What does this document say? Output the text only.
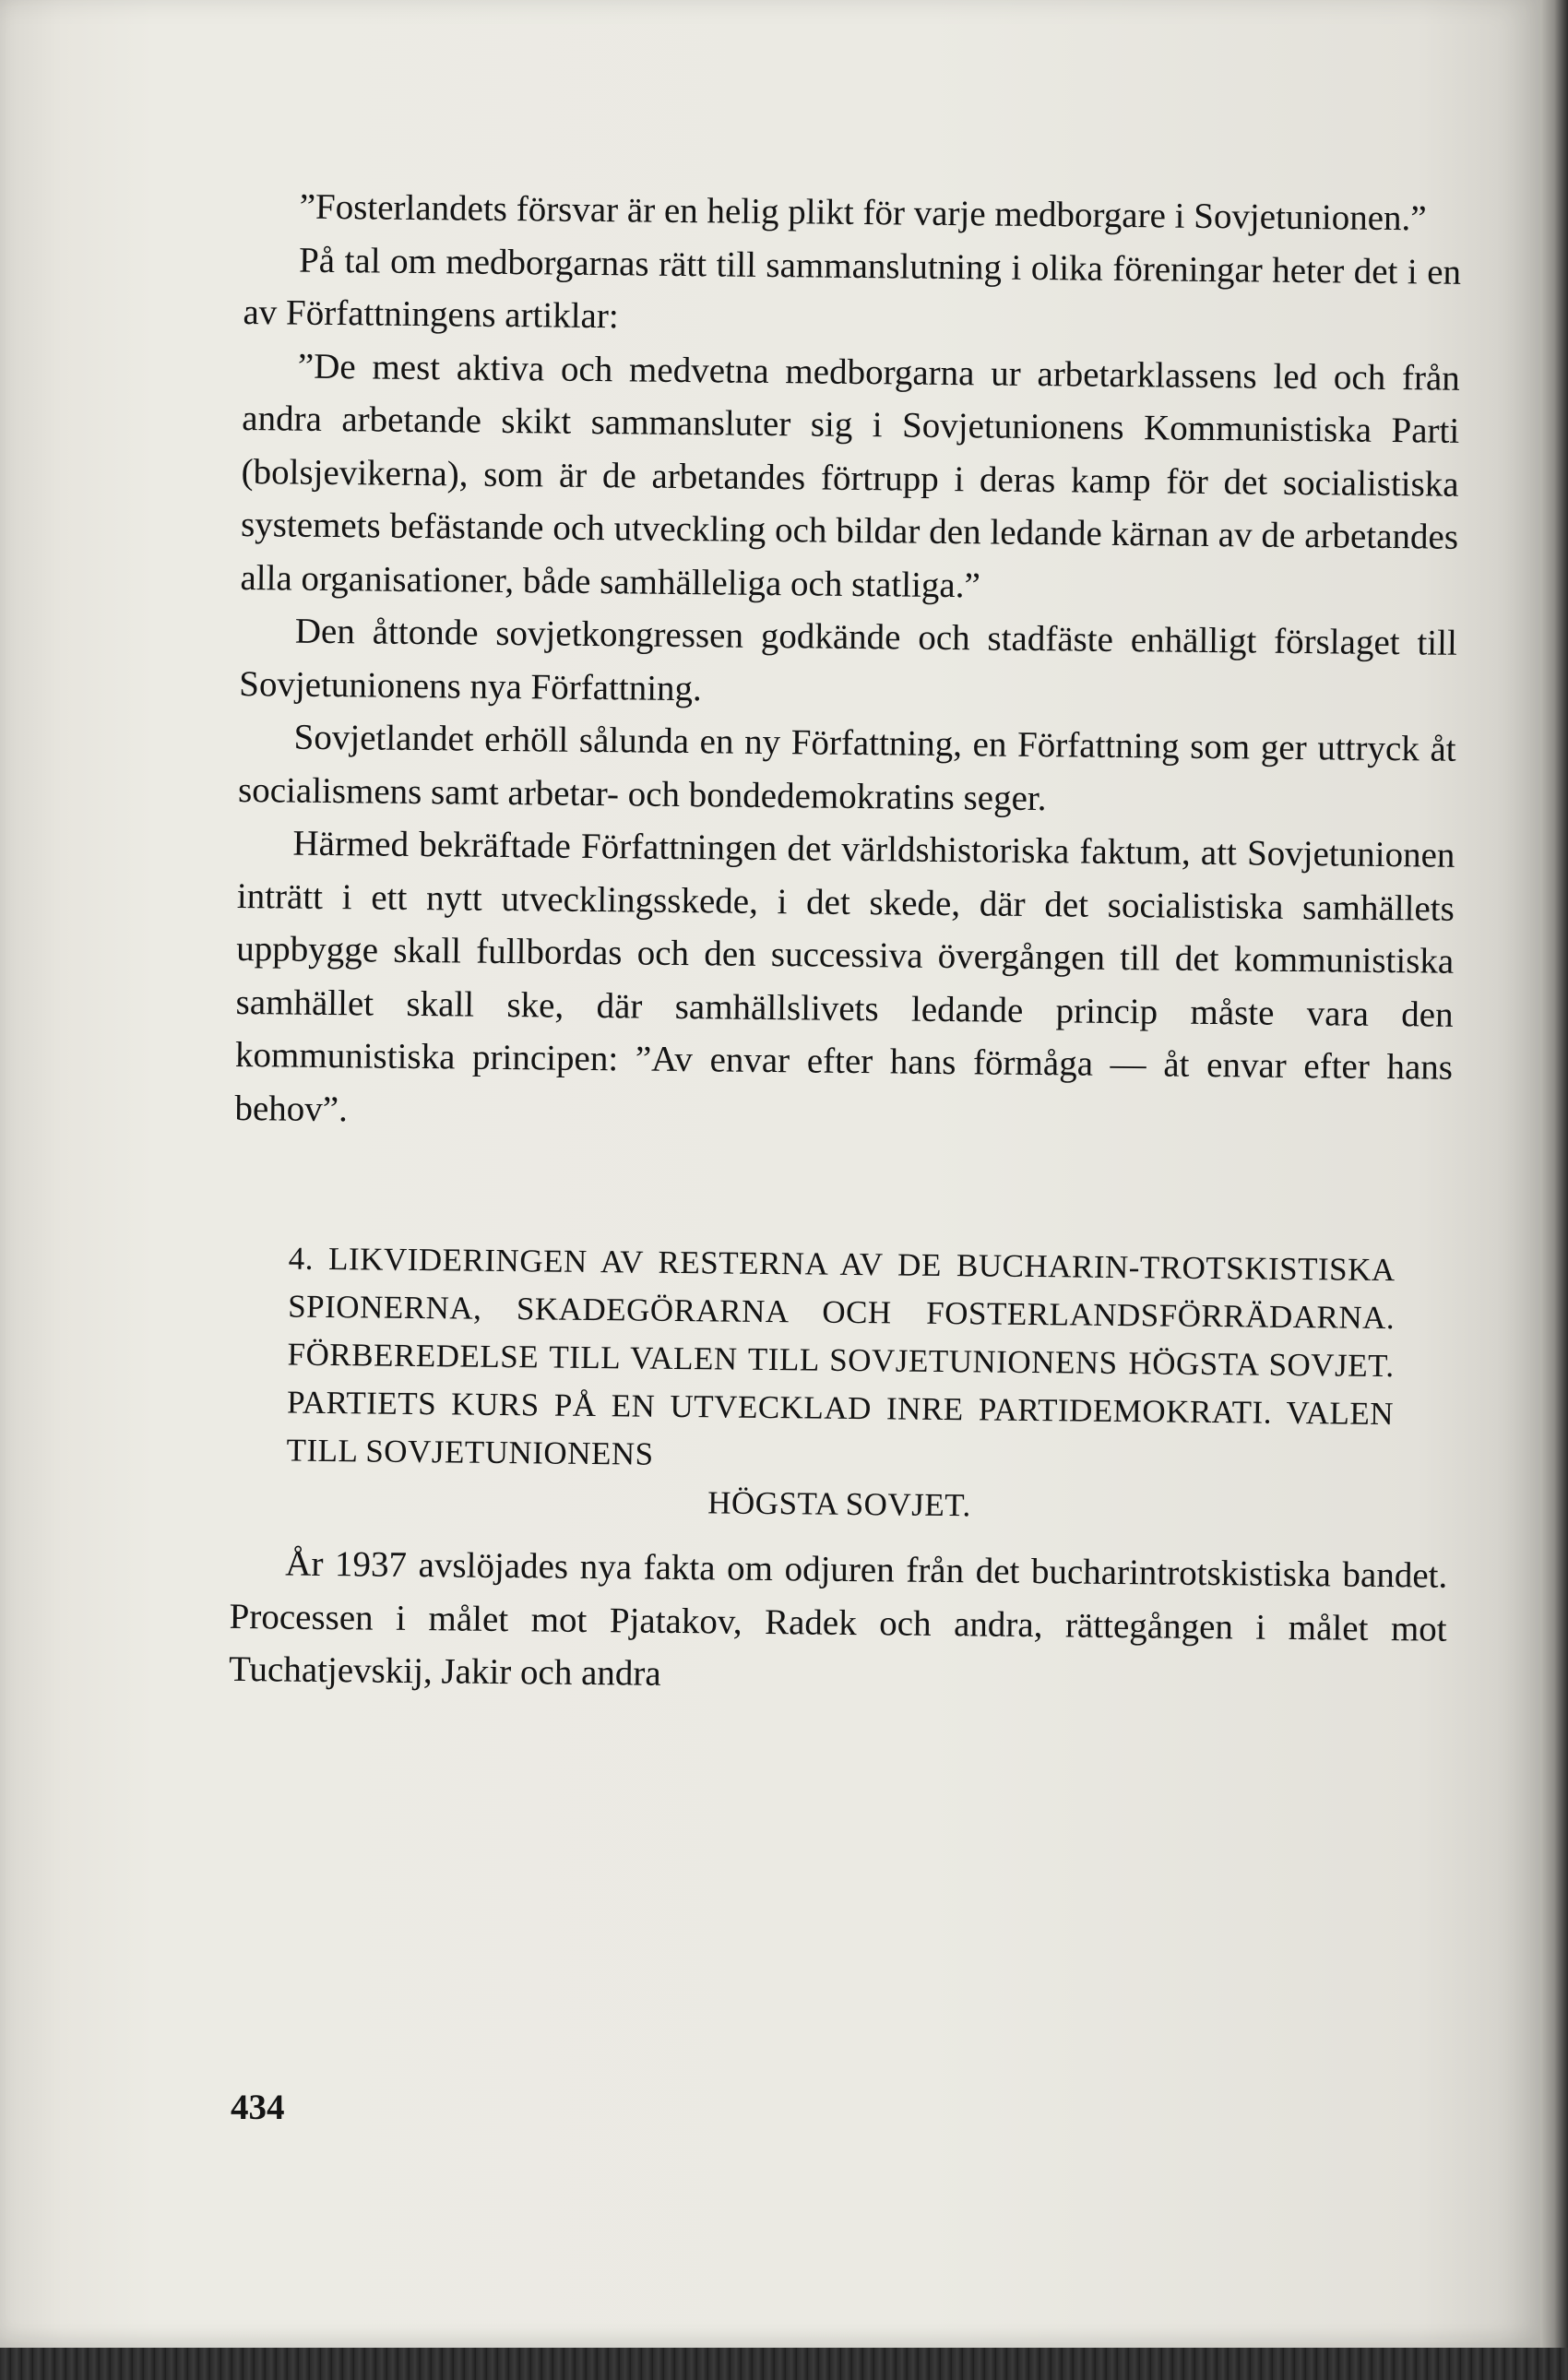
”Fosterlandets försvar är en helig plikt för varje medborgare i Sovjetunionen.”

På tal om medborgarnas rätt till sammanslutning i olika föreningar heter det i en av Författningens artiklar:

”De mest aktiva och medvetna medborgarna ur arbetarklassens led och från andra arbetande skikt sammansluter sig i Sovjetunionens Kommunistiska Parti (bolsjevikerna), som är de arbetandes förtrupp i deras kamp för det socialistiska systemets befästande och utveckling och bildar den ledande kärnan av de arbetandes alla organisationer, både samhälleliga och statliga.”

Den åttonde sovjetkongressen godkände och stadfäste enhälligt förslaget till Sovjetunionens nya Författning.

Sovjetlandet erhöll sålunda en ny Författning, en Författning som ger uttryck åt socialismens samt arbetar- och bondedemokratins seger.

Härmed bekräftade Författningen det världshistoriska faktum, att Sovjetunionen inträtt i ett nytt utvecklingsskede, i det skede, där det socialistiska samhällets uppbygge skall fullbordas och den successiva övergången till det kommunistiska samhället skall ske, där samhällslivets ledande princip måste vara den kommunistiska principen: ”Av envar efter hans förmåga — åt envar efter hans behov”.

4. LIKVIDERINGEN AV RESTERNA AV DE BUCHARIN-TROTSKISTISKA SPIONERNA, SKADEGÖRARNA OCH FOSTERLANDSFÖRRÄDARNA. FÖRBEREDELSE TILL VALEN TILL SOVJETUNIONENS HÖGSTA SOVJET. PARTIETS KURS PÅ EN UTVECKLAD INRE PARTIDEMOKRATI. VALEN TILL SOVJETUNIONENS
HÖGSTA SOVJET.

År 1937 avslöjades nya fakta om odjuren från det bucharintrotskistiska bandet. Processen i målet mot Pjatakov, Radek och andra, rättegången i målet mot Tuchatjevskij, Jakir och andra

434
